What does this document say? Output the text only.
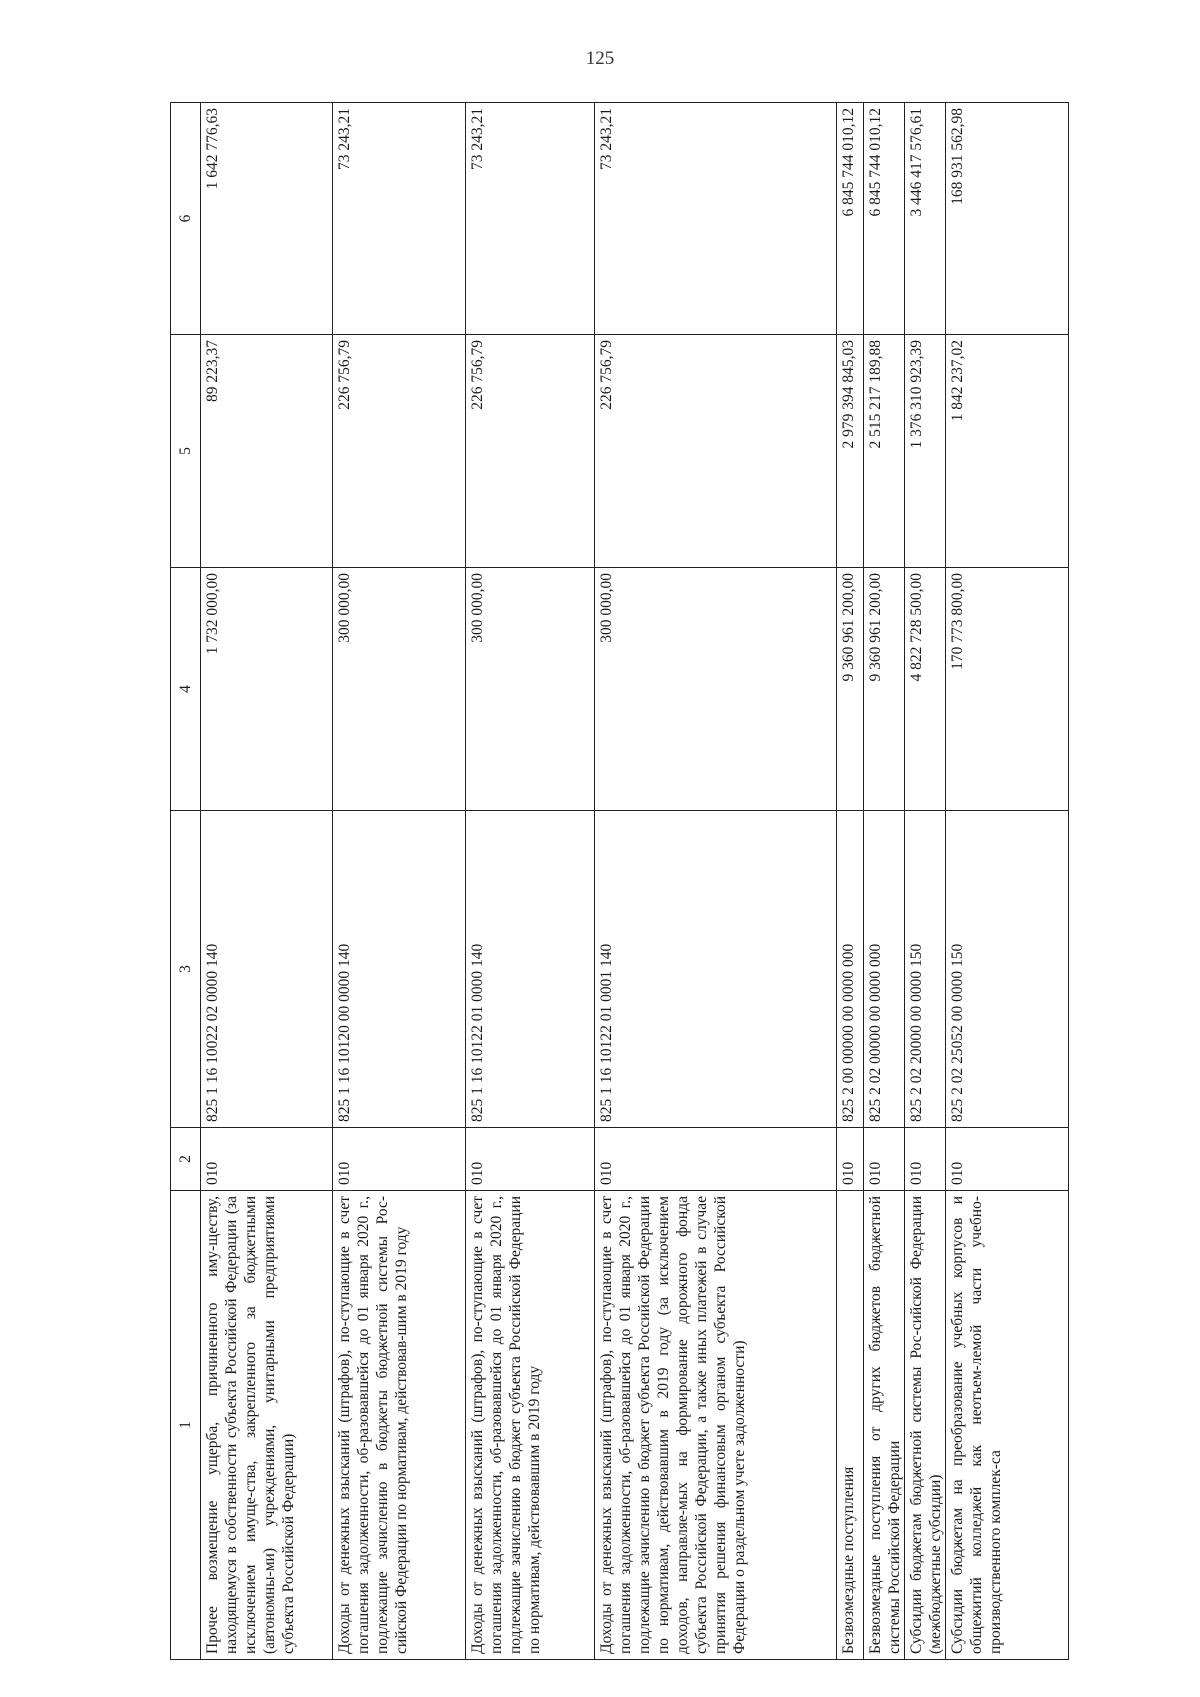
125
1	2	3	4	5	6
Прочее возмещение ущерба, причиненного иму-ществу, находящемуся в собственности субъекта Российской Федерации (за исключением имуще-ства, закрепленного за бюджетными (автономны-ми) учреждениями, унитарными предприятиями субъекта Российской Федерации)	010	825 1 16 10022 02 0000 140	1 732 000,00	89 223,37	1 642 776,63
Доходы от денежных взысканий (штрафов), по-ступающие в счет погашения задолженности, об-разовавшейся до 01 января 2020 г., подлежащие зачислению в бюджеты бюджетной системы Рос-сийской Федерации по нормативам, действовав-шим в 2019 году	010	825 1 16 10120 00 0000 140	300 000,00	226 756,79	73 243,21
Доходы от денежных взысканий (штрафов), по-ступающие в счет погашения задолженности, об-разовавшейся до 01 января 2020 г., подлежащие зачислению в бюджет субъекта Российской Федерации по нормативам, действовавшим в 2019 году	010	825 1 16 10122 01 0000 140	300 000,00	226 756,79	73 243,21
Доходы от денежных взысканий (штрафов), по-ступающие в счет погашения задолженности, об-разовавшейся до 01 января 2020 г., подлежащие зачислению в бюджет субъекта Российской Федерации по нормативам, действовавшим в 2019 году (за исключением доходов, направляе-мых на формирование дорожного фонда субъекта Российской Федерации, а также иных платежей в случае принятия решения финансовым органом субъекта Российской Федерации о раздельном учете задолженности)	010	825 1 16 10122 01 0001 140	300 000,00	226 756,79	73 243,21
Безвозмездные поступления	010	825 2 00 00000 00 0000 000	9 360 961 200,00	2 979 394 845,03	6 845 744 010,12
Безвозмездные поступления от других бюджетов бюджетной системы Российской Федерации	010	825 2 02 00000 00 0000 000	9 360 961 200,00	2 515 217 189,88	6 845 744 010,12
Субсидии бюджетам бюджетной системы Рос-сийской Федерации (межбюджетные субсидии)	010	825 2 02 20000 00 0000 150	4 822 728 500,00	1 376 310 923,39	3 446 417 576,61
Субсидии бюджетам на преобразование учебных корпусов и общежитий колледжей как неотъем-лемой части учебно-производственного комплек-са	010	825 2 02 25052 00 0000 150	170 773 800,00	1 842 237,02	168 931 562,98
